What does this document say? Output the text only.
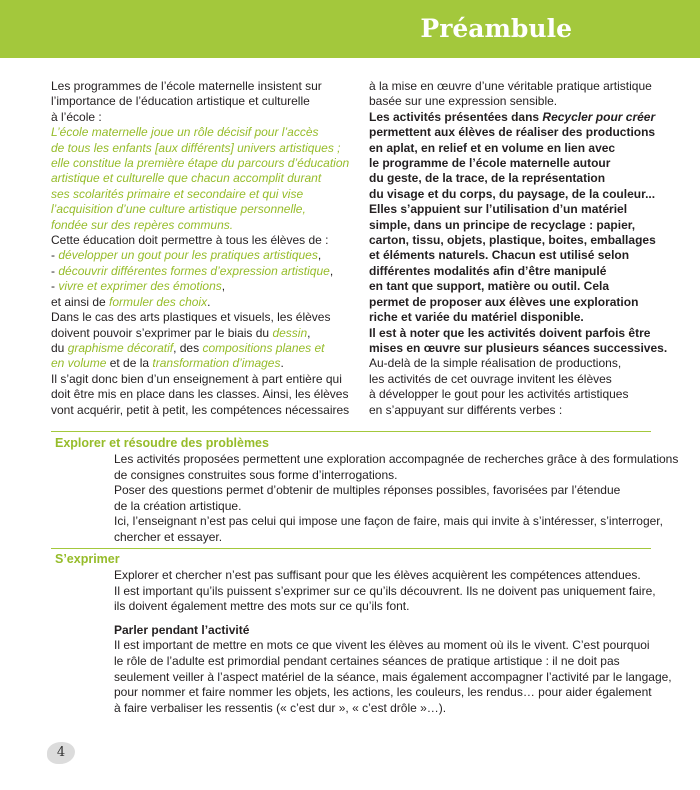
Préambule
Les programmes de l’école maternelle insistent sur
l’importance de l’éducation artistique et culturelle
à l’école :
L’école maternelle joue un rôle décisif pour l’accès
de tous les enfants [aux différents] univers artistiques ;
elle constitue la première étape du parcours d’éducation
artistique et culturelle que chacun accomplit durant
ses scolarités primaire et secondaire et qui vise
l’acquisition d’une culture artistique personnelle,
fondée sur des repères communs.
Cette éducation doit permettre à tous les élèves de :
- développer un gout pour les pratiques artistiques,
- découvrir différentes formes d’expression artistique,
- vivre et exprimer des émotions,
et ainsi de formuler des choix.
Dans le cas des arts plastiques et visuels, les élèves
doivent pouvoir s’exprimer par le biais du dessin,
du graphisme décoratif, des compositions planes et
en volume et de la transformation d’images.
Il s’agit donc bien d’un enseignement à part entière qui
doit être mis en place dans les classes. Ainsi, les élèves
vont acquérir, petit à petit, les compétences nécessaires
à la mise en œuvre d’une véritable pratique artistique
basée sur une expression sensible.
Les activités présentées dans Recycler pour créer
permettent aux élèves de réaliser des productions
en aplat, en relief et en volume en lien avec
le programme de l’école maternelle autour
du geste, de la trace, de la représentation
du visage et du corps, du paysage, de la couleur...
Elles s’appuient sur l’utilisation d’un matériel
simple, dans un principe de recyclage : papier,
carton, tissu, objets, plastique, boites, emballages
et éléments naturels. Chacun est utilisé selon
différentes modalités afin d’être manipulé
en tant que support, matière ou outil. Cela
permet de proposer aux élèves une exploration
riche et variée du matériel disponible.
Il est à noter que les activités doivent parfois être
mises en œuvre sur plusieurs séances successives.
Au-delà de la simple réalisation de productions,
les activités de cet ouvrage invitent les élèves
à développer le gout pour les activités artistiques
en s’appuyant sur différents verbes :
Explorer et résoudre des problèmes
Les activités proposées permettent une exploration accompagnée de recherches grâce à des formulations
de consignes construites sous forme d’interrogations.
Poser des questions permet d’obtenir de multiples réponses possibles, favorisées par l’étendue
de la création artistique.
Ici, l’enseignant n’est pas celui qui impose une façon de faire, mais qui invite à s’intéresser, s’interroger,
chercher et essayer.
S’exprimer
Explorer et chercher n’est pas suffisant pour que les élèves acquièrent les compétences attendues.
Il est important qu’ils puissent s’exprimer sur ce qu’ils découvrent. Ils ne doivent pas uniquement faire,
ils doivent également mettre des mots sur ce qu’ils font.
Parler pendant l’activité
Il est important de mettre en mots ce que vivent les élèves au moment où ils le vivent. C’est pourquoi
le rôle de l’adulte est primordial pendant certaines séances de pratique artistique : il ne doit pas
seulement veiller à l’aspect matériel de la séance, mais également accompagner l’activité par le langage,
pour nommer et faire nommer les objets, les actions, les couleurs, les rendus… pour aider également
à faire verbaliser les ressentis (« c’est dur », « c’est drôle »…).
4
